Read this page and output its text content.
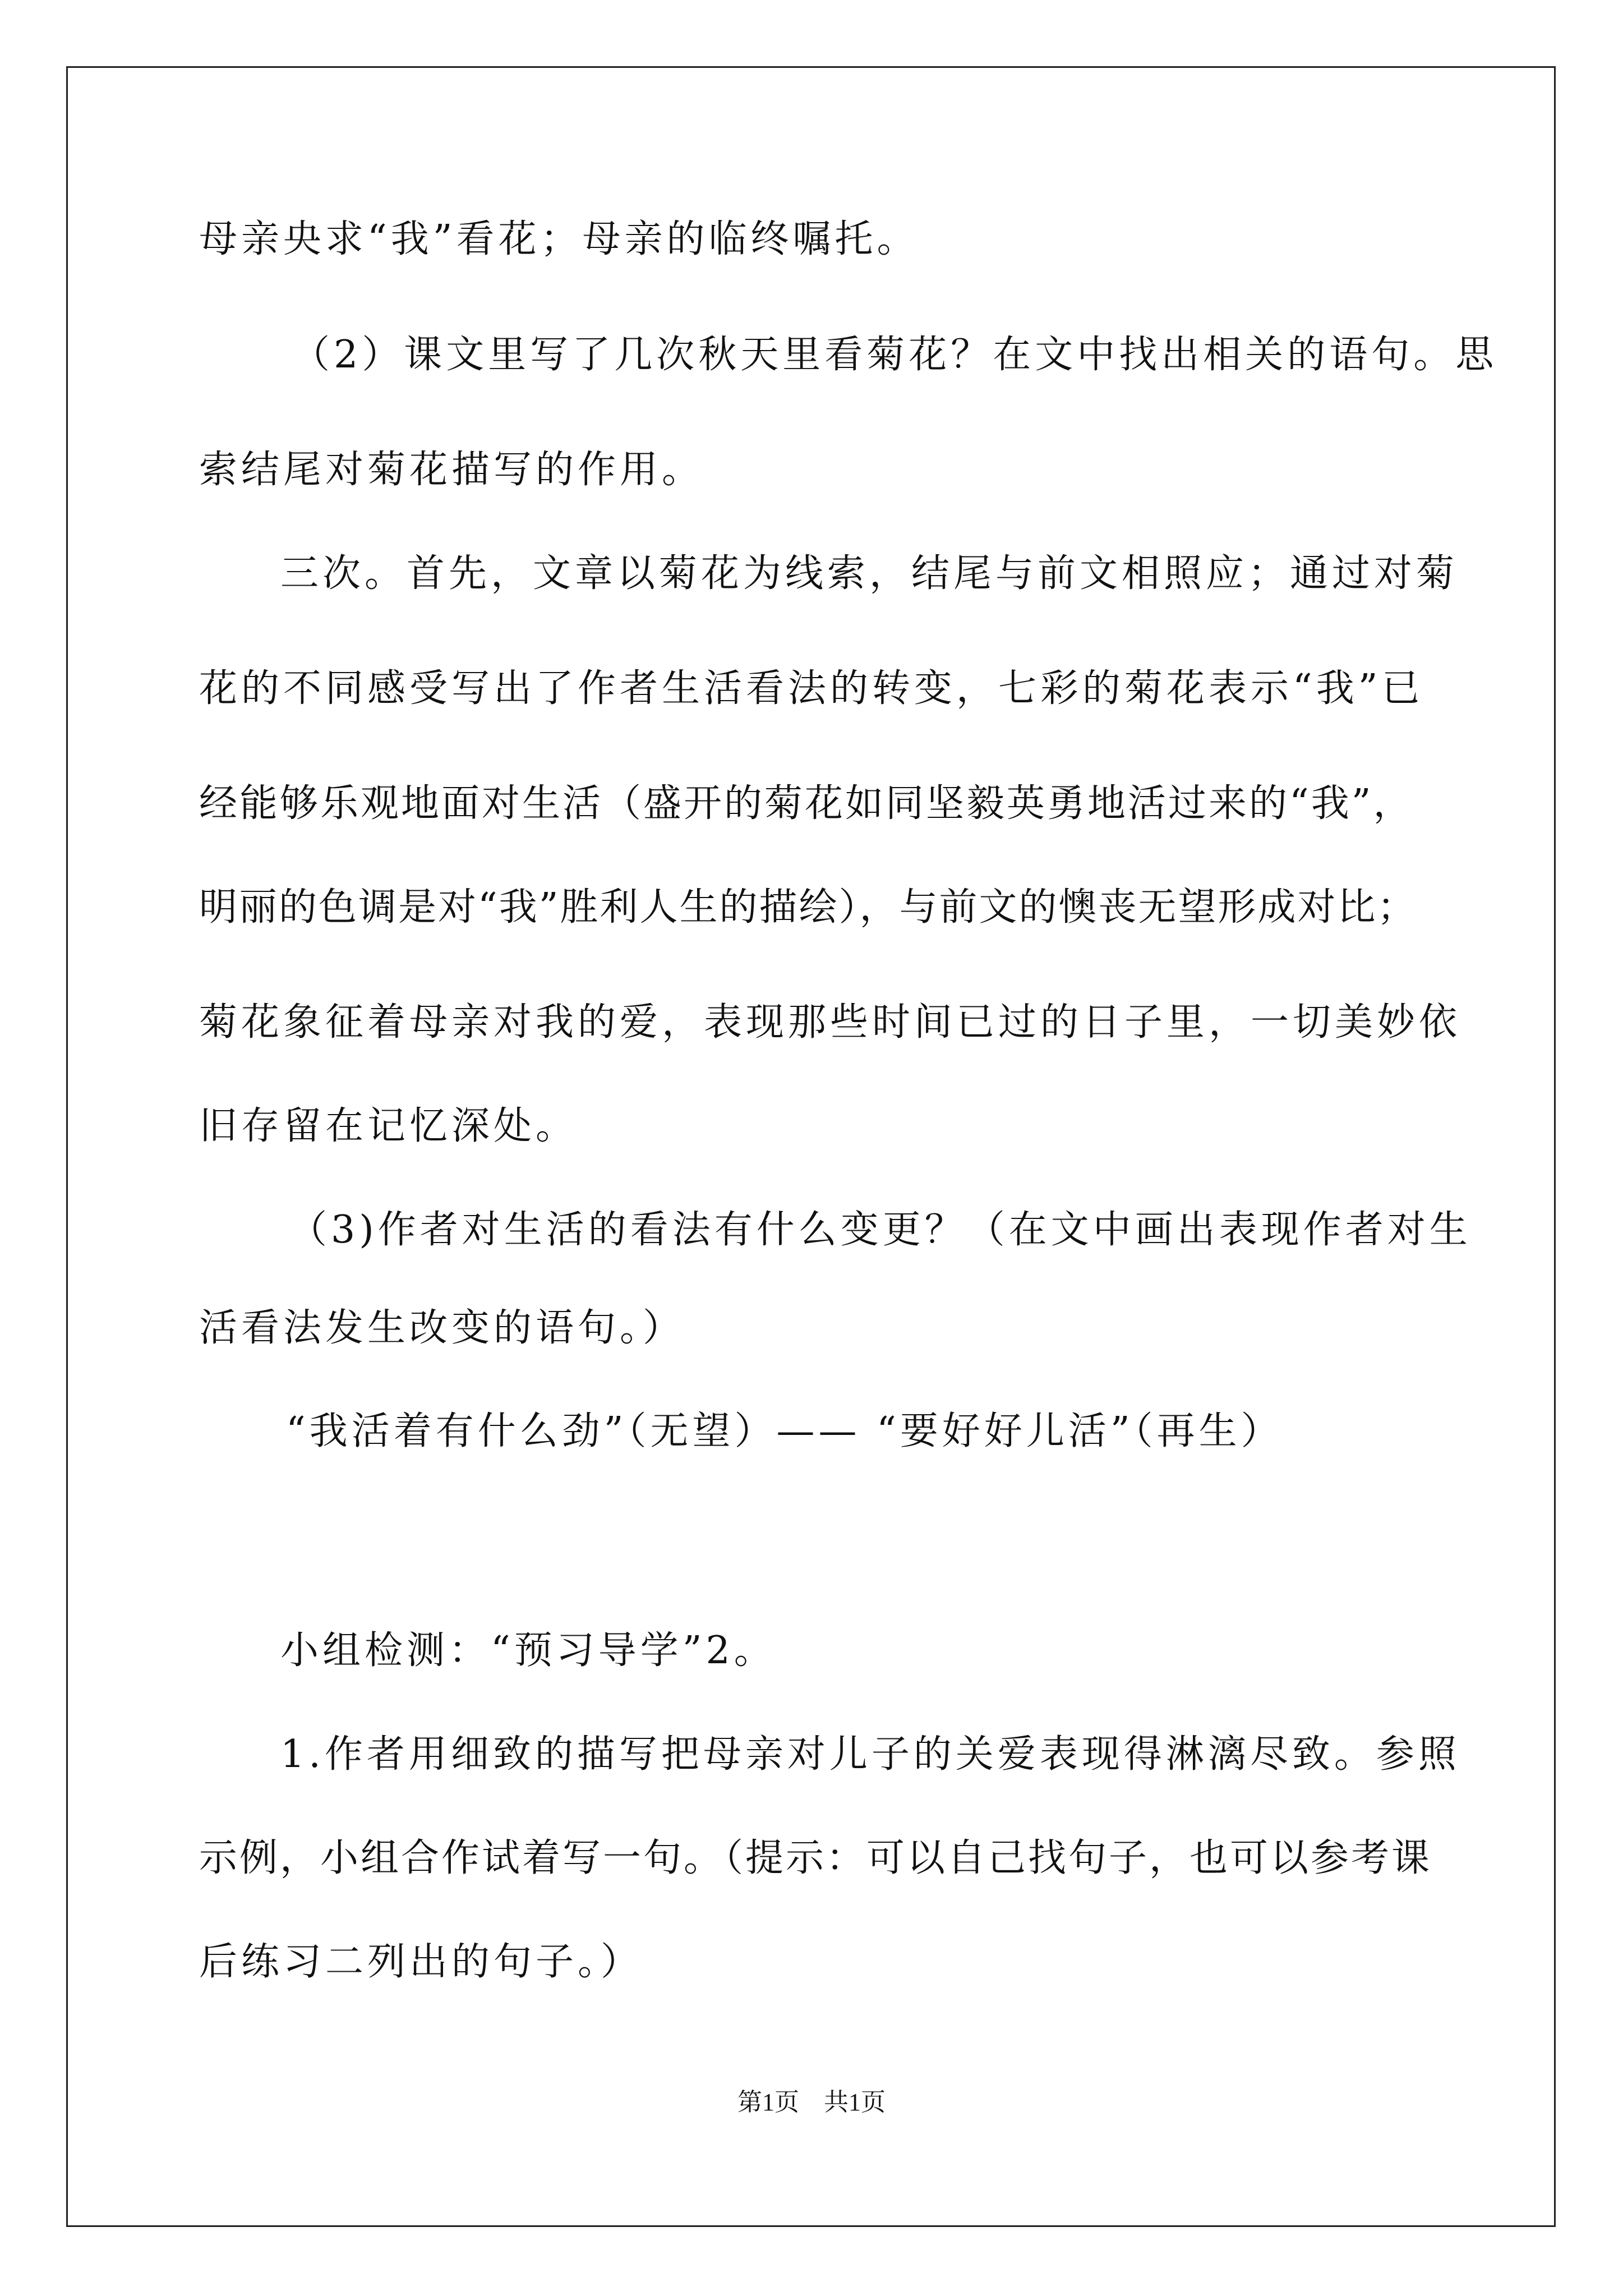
母亲央求“我”看花；母亲的临终嘱托。

（2）课文里写了几次秋天里看菊花？在文中找出相关的语句。思

索结尾对菊花描写的作用。

三次。首先，文章以菊花为线索，结尾与前文相照应；通过对菊

花的不同感受写出了作者生活看法的转变，七彩的菊花表示“我”已

经能够乐观地面对生活（盛开的菊花如同坚毅英勇地活过来的“我”，

明丽的色调是对“我”胜利人生的描绘），与前文的懊丧无望形成对比；

菊花象征着母亲对我的爱，表现那些时间已过的日子里，一切美妙依

旧存留在记忆深处。

（3)作者对生活的看法有什么变更？（在文中画出表现作者对生

活看法发生改变的语句。）

“我活着有什么劲”（无望）—— “要好好儿活”（再生）

小组检测：“预习导学”2。

1.作者用细致的描写把母亲对儿子的关爱表现得淋漓尽致。参照

示例，小组合作试着写一句。（提示：可以自己找句子，也可以参考课

后练习二列出的句子。）

第1页　共1页
